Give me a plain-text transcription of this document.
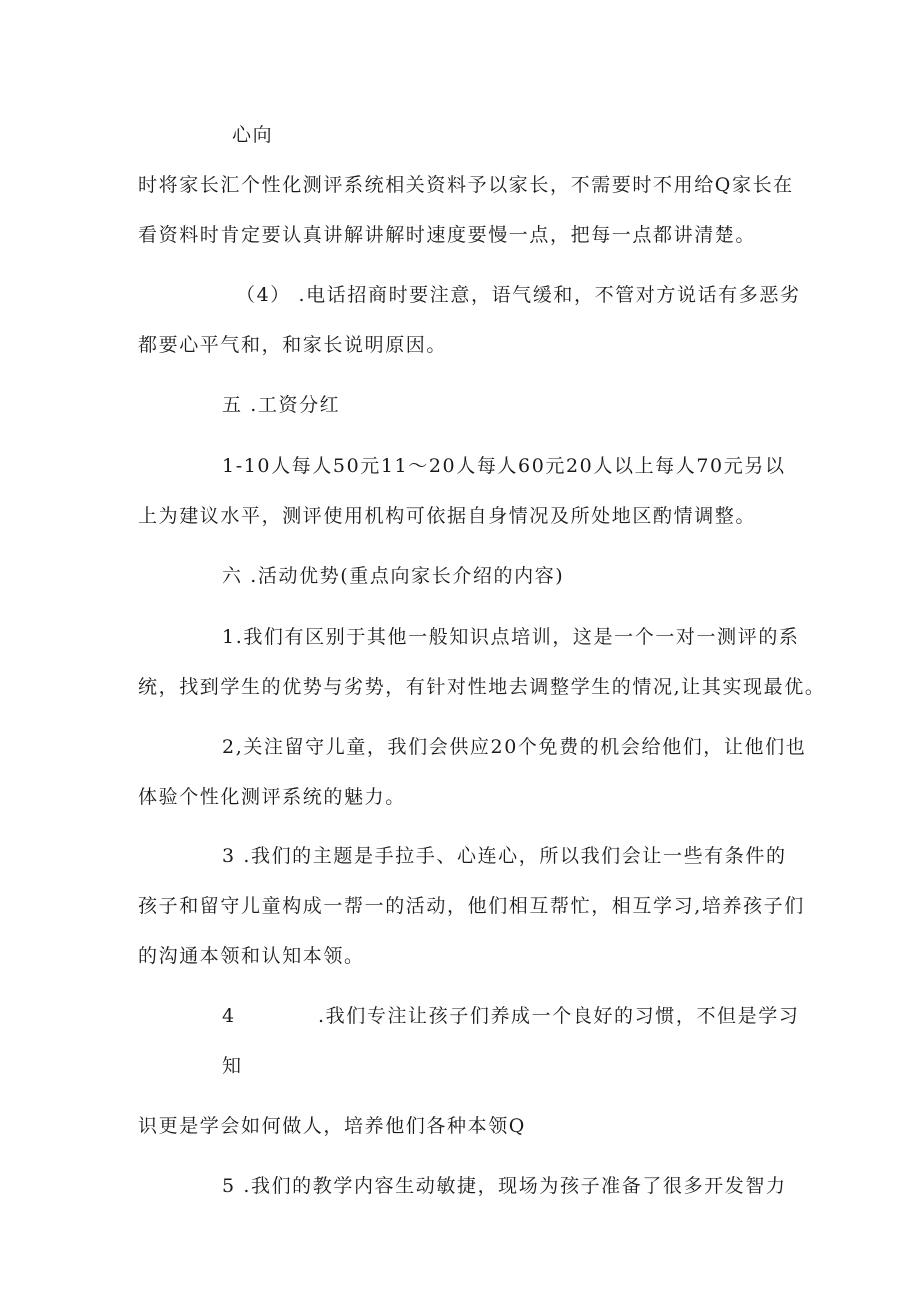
心向
时将家长汇个性化测评系统相关资料予以家长，不需要时不用给Q家长在
看资料时肯定要认真讲解讲解时速度要慢一点，把每一点都讲清楚。
（4） .电话招商时要注意，语气缓和，不管对方说话有多恶劣
都要心平气和，和家长说明原因。
五 .工资分红
1-10人每人50元11～20人每人60元20人以上每人70元另以
上为建议水平，测评使用机构可依据自身情况及所处地区酌情调整。
六 .活动优势(重点向家长介绍的内容)
1.我们有区别于其他一般知识点培训，这是一个一对一测评的系
统，找到学生的优势与劣势，有针对性地去调整学生的情况,让其实现最优。
2,关注留守儿童，我们会供应20个免费的机会给他们，让他们也
体验个性化测评系统的魅力。
3 .我们的主题是手拉手、心连心，所以我们会让一些有条件的
孩子和留守儿童构成一帮一的活动，他们相互帮忙，相互学习,培养孩子们
的沟通本领和认知本领。
4	.我们专注让孩子们养成一个良好的习惯，不但是学习
知
识更是学会如何做人，培养他们各种本领Q
5 .我们的教学内容生动敏捷，现场为孩子准备了很多开发智力
